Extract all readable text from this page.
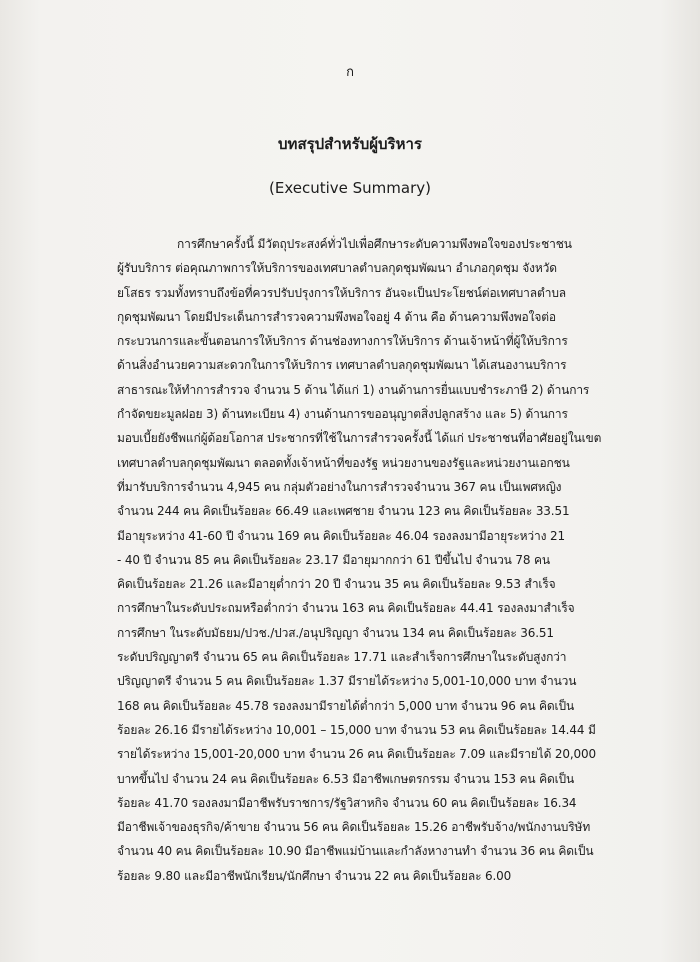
ก
บทสรุปสำหรับผู้บริหาร
(Executive Summary)
การศึกษาครั้งนี้ มีวัตถุประสงค์ทั่วไปเพื่อศึกษาระดับความพึงพอใจของประชาชน
ผู้รับบริการ ต่อคุณภาพการให้บริการของเทศบาลตำบลกุดชุมพัฒนา อำเภอกุดชุม จังหวัด
ยโสธร รวมทั้งทราบถึงข้อที่ควรปรับปรุงการให้บริการ อันจะเป็นประโยชน์ต่อเทศบาลตำบล
กุดชุมพัฒนา โดยมีประเด็นการสำรวจความพึงพอใจอยู่ 4 ด้าน คือ ด้านความพึงพอใจต่อ
กระบวนการและขั้นตอนการให้บริการ ด้านช่องทางการให้บริการ ด้านเจ้าหน้าที่ผู้ให้บริการ
ด้านสิ่งอำนวยความสะดวกในการให้บริการ เทศบาลตำบลกุดชุมพัฒนา ได้เสนองานบริการ
สาธารณะให้ทำการสำรวจ จำนวน 5 ด้าน ได้แก่ 1) งานด้านการยื่นแบบชำระภาษี 2) ด้านการ
กำจัดขยะมูลฝอย 3) ด้านทะเบียน 4) งานด้านการขออนุญาตสิ่งปลูกสร้าง และ 5) ด้านการ
มอบเบี้ยยังชีพแก่ผู้ด้อยโอกาส ประชากรที่ใช้ในการสำรวจครั้งนี้ ได้แก่ ประชาชนที่อาศัยอยู่ในเขต
เทศบาลตำบลกุดชุมพัฒนา ตลอดทั้งเจ้าหน้าที่ของรัฐ หน่วยงานของรัฐและหน่วยงานเอกชน
ที่มารับบริการจำนวน 4,945 คน กลุ่มตัวอย่างในการสำรวจจำนวน 367 คน เป็นเพศหญิง
จำนวน 244 คน คิดเป็นร้อยละ 66.49 และเพศชาย จำนวน 123 คน คิดเป็นร้อยละ 33.51
มีอายุระหว่าง 41-60 ปี จำนวน 169 คน คิดเป็นร้อยละ 46.04 รองลงมามีอายุระหว่าง 21
- 40 ปี จำนวน 85 คน คิดเป็นร้อยละ 23.17 มีอายุมากกว่า 61 ปีขึ้นไป จำนวน 78 คน
คิดเป็นร้อยละ 21.26 และมีอายุต่ำกว่า 20 ปี จำนวน 35 คน คิดเป็นร้อยละ 9.53 สำเร็จ
การศึกษาในระดับประถมหรือต่ำกว่า จำนวน 163 คน คิดเป็นร้อยละ 44.41 รองลงมาสำเร็จ
การศึกษา ในระดับมัธยม/ปวช./ปวส./อนุปริญญา จำนวน 134 คน คิดเป็นร้อยละ 36.51
ระดับปริญญาตรี จำนวน 65 คน คิดเป็นร้อยละ 17.71 และสำเร็จการศึกษาในระดับสูงกว่า
ปริญญาตรี จำนวน 5 คน คิดเป็นร้อยละ 1.37 มีรายได้ระหว่าง 5,001-10,000 บาท จำนวน
168 คน คิดเป็นร้อยละ 45.78 รองลงมามีรายได้ต่ำกว่า 5,000 บาท จำนวน 96 คน คิดเป็น
ร้อยละ 26.16 มีรายได้ระหว่าง 10,001 – 15,000 บาท จำนวน 53 คน คิดเป็นร้อยละ 14.44 มี
รายได้ระหว่าง 15,001-20,000 บาท จำนวน 26 คน คิดเป็นร้อยละ 7.09 และมีรายได้ 20,000
บาทขึ้นไป จำนวน 24 คน คิดเป็นร้อยละ 6.53 มีอาชีพเกษตรกรรม จำนวน 153 คน คิดเป็น
ร้อยละ 41.70 รองลงมามีอาชีพรับราชการ/รัฐวิสาหกิจ จำนวน 60 คน คิดเป็นร้อยละ 16.34
มีอาชีพเจ้าของธุรกิจ/ค้าขาย จำนวน 56 คน คิดเป็นร้อยละ 15.26 อาชีพรับจ้าง/พนักงานบริษัท
จำนวน 40 คน คิดเป็นร้อยละ 10.90 มีอาชีพแม่บ้านและกำลังหางานทำ จำนวน 36 คน คิดเป็น
ร้อยละ 9.80 และมีอาชีพนักเรียน/นักศึกษา จำนวน 22 คน คิดเป็นร้อยละ 6.00
